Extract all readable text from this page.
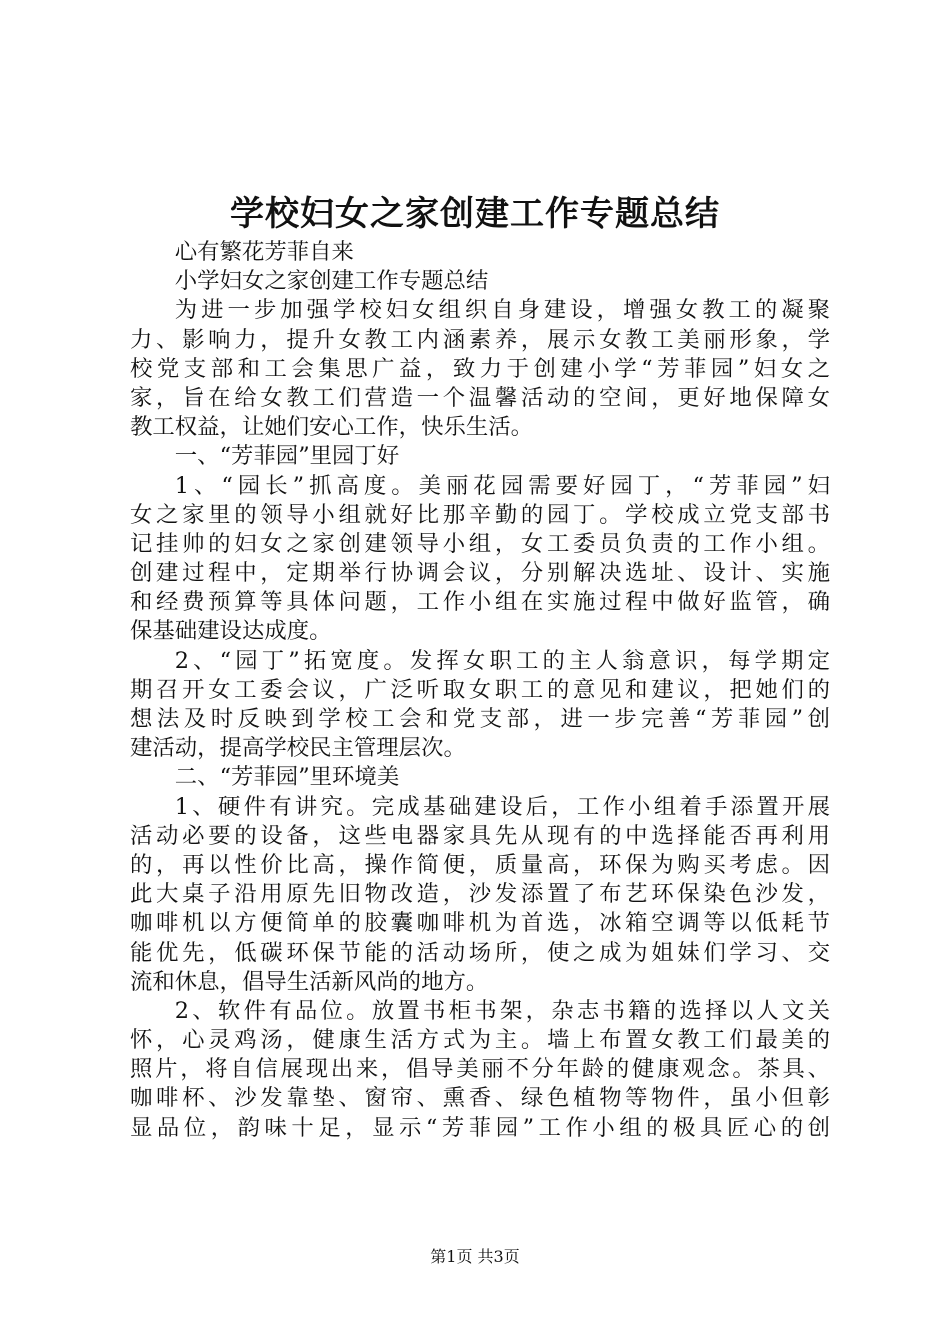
学校妇女之家创建工作专题总结
心有繁花芳菲自来
小学妇女之家创建工作专题总结
为进一步加强学校妇女组织自身建设，增强女教工的凝聚
力、影响力，提升女教工内涵素养，展示女教工美丽形象，学
校党支部和工会集思广益，致力于创建小学“芳菲园”妇女之
家，旨在给女教工们营造一个温馨活动的空间，更好地保障女
教工权益，让她们安心工作，快乐生活。
一、“芳菲园”里园丁好
1、“园长”抓高度。美丽花园需要好园丁，“芳菲园”妇
女之家里的领导小组就好比那辛勤的园丁。学校成立党支部书
记挂帅的妇女之家创建领导小组，女工委员负责的工作小组。
创建过程中，定期举行协调会议，分别解决选址、设计、实施
和经费预算等具体问题，工作小组在实施过程中做好监管，确
保基础建设达成度。
2、“园丁”拓宽度。发挥女职工的主人翁意识，每学期定
期召开女工委会议，广泛听取女职工的意见和建议，把她们的
想法及时反映到学校工会和党支部，进一步完善“芳菲园”创
建活动，提高学校民主管理层次。
二、“芳菲园”里环境美
1、硬件有讲究。完成基础建设后，工作小组着手添置开展
活动必要的设备，这些电器家具先从现有的中选择能否再利用
的，再以性价比高，操作简便，质量高，环保为购买考虑。因
此大桌子沿用原先旧物改造，沙发添置了布艺环保染色沙发，
咖啡机以方便简单的胶囊咖啡机为首选，冰箱空调等以低耗节
能优先，低碳环保节能的活动场所，使之成为姐妹们学习、交
流和休息，倡导生活新风尚的地方。
2、软件有品位。放置书柜书架，杂志书籍的选择以人文关
怀，心灵鸡汤，健康生活方式为主。墙上布置女教工们最美的
照片，将自信展现出来，倡导美丽不分年龄的健康观念。茶具、
咖啡杯、沙发靠垫、窗帘、熏香、绿色植物等物件，虽小但彰
显品位，韵味十足，显示“芳菲园”工作小组的极具匠心的创
第1页 共3页
